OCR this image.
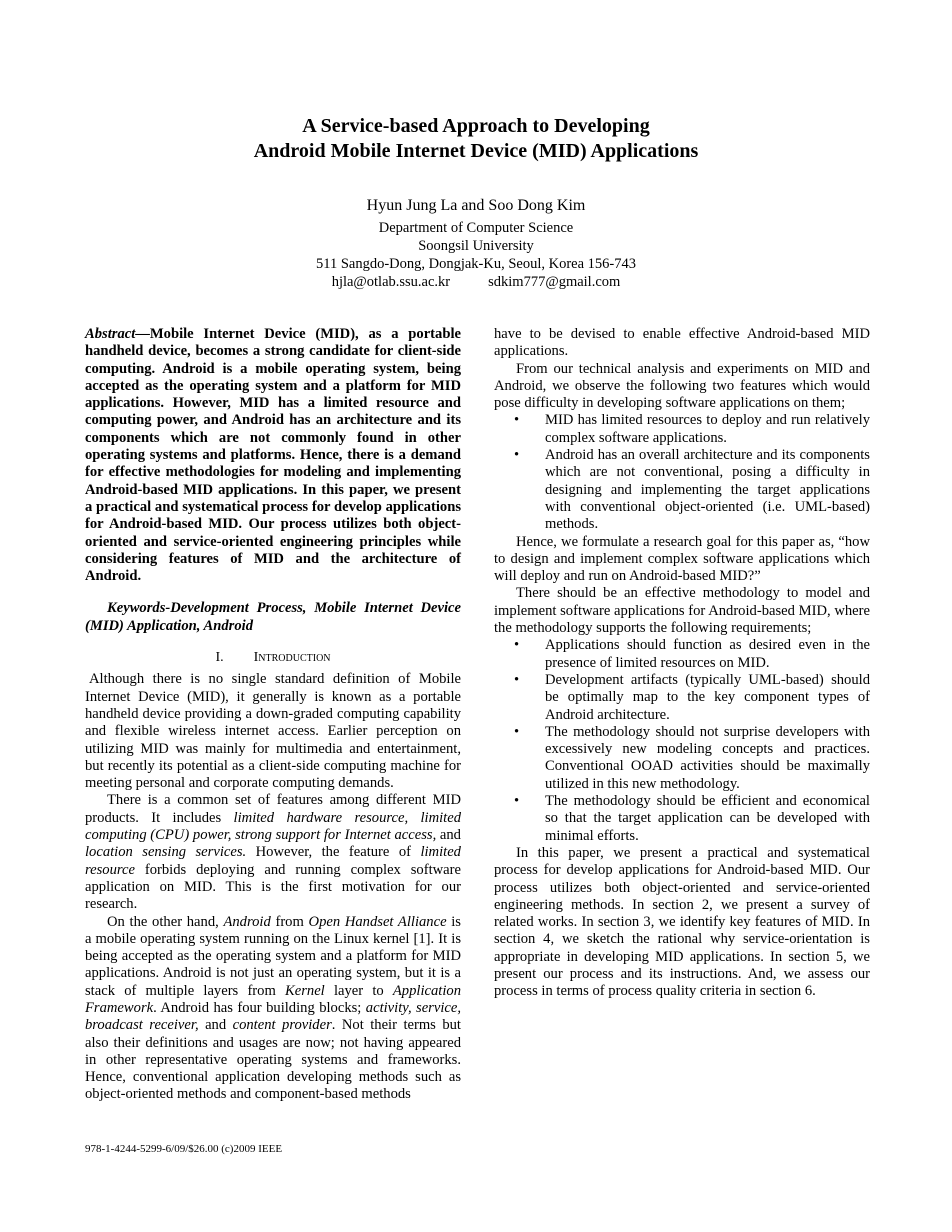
A Service-based Approach to Developing
Android Mobile Internet Device (MID) Applications
Hyun Jung La and Soo Dong Kim
Department of Computer Science
Soongsil University
511 Sangdo-Dong, Dongjak-Ku, Seoul, Korea 156-743
hjla@otlab.ssu.ac.kr	sdkim777@gmail.com

Abstract—Mobile Internet Device (MID), as a portable handheld device, becomes a strong candidate for client-side computing. Android is a mobile operating system, being accepted as the operating system and a platform for MID applications. However, MID has a limited resource and computing power, and Android has an architecture and its components which are not commonly found in other operating systems and platforms. Hence, there is a demand for effective methodologies for modeling and implementing Android-based MID applications. In this paper, we present a practical and systematical process for develop applications for Android-based MID. Our process utilizes both object-oriented and service-oriented engineering principles while considering features of MID and the architecture of Android.

Keywords-Development Process, Mobile Internet Device (MID) Application, Android

I. Introduction

Although there is no single standard definition of Mobile Internet Device (MID), it generally is known as a portable handheld device providing a down-graded computing capability and flexible wireless internet access. Earlier perception on utilizing MID was mainly for multimedia and entertainment, but recently its potential as a client-side computing machine for meeting personal and corporate computing demands.

There is a common set of features among different MID products. It includes limited hardware resource, limited computing (CPU) power, strong support for Internet access, and location sensing services. However, the feature of limited resource forbids deploying and running complex software application on MID. This is the first motivation for our research.

On the other hand, Android from Open Handset Alliance is a mobile operating system running on the Linux kernel [1]. It is being accepted as the operating system and a platform for MID applications. Android is not just an operating system, but it is a stack of multiple layers from Kernel layer to Application Framework. Android has four building blocks; activity, service, broadcast receiver, and content provider. Not their terms but also their definitions and usages are now; not having appeared in other representative operating systems and frameworks. Hence, conventional application developing methods such as object-oriented methods and component-based methods

have to be devised to enable effective Android-based MID applications.

From our technical analysis and experiments on MID and Android, we observe the following two features which would pose difficulty in developing software applications on them;

• MID has limited resources to deploy and run relatively complex software applications.
• Android has an overall architecture and its components which are not conventional, posing a difficulty in designing and implementing the target applications with conventional object-oriented (i.e. UML-based) methods.

Hence, we formulate a research goal for this paper as, “how to design and implement complex software applications which will deploy and run on Android-based MID?”

There should be an effective methodology to model and implement software applications for Android-based MID, where the methodology supports the following requirements;

• Applications should function as desired even in the presence of limited resources on MID.
• Development artifacts (typically UML-based) should be optimally map to the key component types of Android architecture.
• The methodology should not surprise developers with excessively new modeling concepts and practices. Conventional OOAD activities should be maximally utilized in this new methodology.
• The methodology should be efficient and economical so that the target application can be developed with minimal efforts.

In this paper, we present a practical and systematical process for develop applications for Android-based MID. Our process utilizes both object-oriented and service-oriented engineering methods. In section 2, we present a survey of related works. In section 3, we identify key features of MID. In section 4, we sketch the rational why service-orientation is appropriate in developing MID applications. In section 5, we present our process and its instructions. And, we assess our process in terms of process quality criteria in section 6.

978-1-4244-5299-6/09/$26.00 (c)2009 IEEE
